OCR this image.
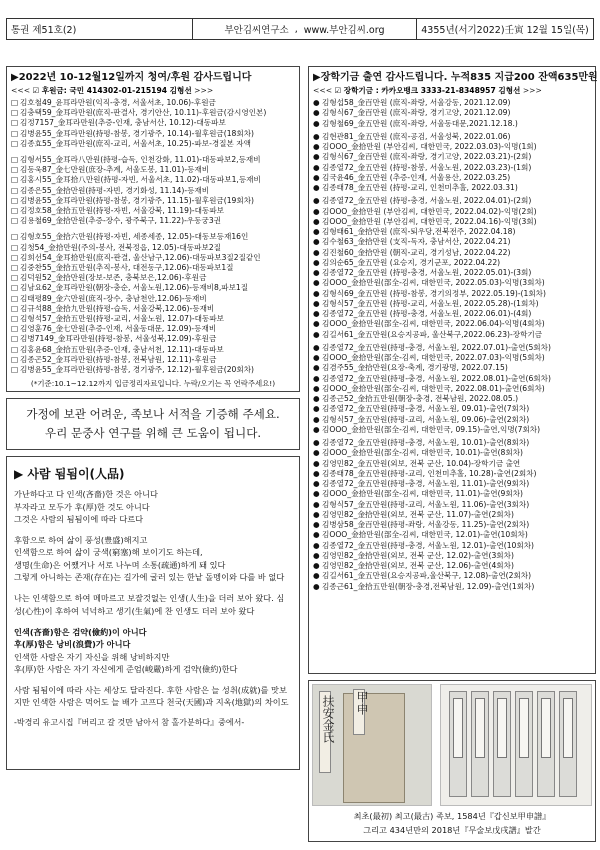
통권 제51호(2)	부안김씨연구소 , www.부안김씨.org	4355년(서기2022)壬寅 12월 15일(목)
▶2022년 10-12월12일까지 청여/후원 감사드립니다
<<< ☑ 후원금: 국민 414302-01-215194 김형선 >>>
□ 김호철49_윤耳라만원(익직-충경, 서울서초, 10.06)-후원금
□ 김충택59_金耳라만원(庶직-판결사, 경기안산, 10.11)-후원금(감시영인본)
□ 김정7157_金耳라만원(추증-인재, 충남서산, 10.12)-대동파보
□ 김병윤55_金耳라만원(持평-참봉, 경기광주, 10.14)-월후원금(18회차)
□ 김종효55_金耳라만원(庶직-교리, 서울서초, 10.25)-파보-경질본 자액
□ 김형서55_金耳라八만원(持평-습독, 인천강화, 11.01)-대동파보2,등재비
□ 김동욱87_金七만원(庶장-추계, 서울도봉, 11.01)-등재비
□ 김홍시55_金耳拾八만원(持평-자빈, 서울서초, 11.02)-대동파보1,등재비
□ 김종은55_金拾만원(持평-자빈, 경기화성, 11.14)-등재비
□ 김병윤55_金耳라만원(持평-참봉, 경기광주, 11.15)-월후원금(19회차)
□ 김정호58_金拾五만원(持평-자빈, 서울강북, 11.19)-대동파보
□ 김용철69_金拾만원(추증-장수, 광주북구, 11.22)-우동궁3권
□ 김형호55_金拾六만원(持평-자빈, 세종세종, 12.05)-대동보등재16인
□ 김청54_金拾만원(주의-봉사, 전북정읍, 12.05)-대동파보2질
□ 김희선54_金耳拾만원(庶직-판결, 울산남구,12.06)-대동파보3질2질같인
□ 김중찬55_金拾五만원(추직-봉사, 대전동구,12.06)-대동파보1질
□ 김덕원52_金拾만원(장보-보존, 충북보은,12.06)-후원금
□ 김남요62_金耳라만원(朝장-충순, 서울노원,12.06)-등재비8,파보1질
□ 김태평89_金六만원(庶직-장수, 충남천안,12.06)-등재비
□ 김규석88_金拾九만원(持평-습독, 서울강북,12.06)-등재비
□ 김형석57_金拾五만원(持평-교리, 서울노원, 12.07)-대동파보
□ 김영훈76_金七만원(추증-인재, 서울동대문, 12.09)-등재비
□ 김병7149_金耳라만원(持평-참봉, 서울성북,12.09)-후원금
□ 김홍윤68_金拾五만원(추증-인재, 충남서천, 12.11)-대동파보
□ 김종곤52_金耳라만원(持평-참봉, 전북남원, 12.11)-후원금
□ 김병윤55_金耳라만원(持평-참봉, 경기광주, 12.12)-월후원금(20회차)
(*기준:10.1~12.12까지 입금정리자료입니다. 누락/오기는 꼭 연락주세요!)
가정에 보관 어려운, 족보나 서적을 기증해 주세요.
우리 문중사 연구를 위해 큰 도움이 됩니다.
▶ 사람 됨됨이(人品)

가난하다고 다 인색(吝嗇)한 것은 아니다

부자라고 모두가 후(厚)한 것도 아니다

그것은 사람의 됨됨이에 따라 다르다

후함으로 하여 삶이 풍성(豊盛)해지고

인색함으로 하여 삶이 궁색(窮塞)해 보이기도 하는데,

생명(生命)은 어쨌거나 서로 나누며 소통(疏通)하게 돼 있다

그렇게 아니하는 존재(存在)는 길가에 굴러 있는 한낱 돌멩이와 다를 바 없다

나는 인색함으로 하여 메마르고 보잘것없는 인생(人生)을 더러 보아 왔다. 심성(心性)이 후하여 넉넉하고 생기(生氣)에 찬 인생도 더러 보아 왔다

인색(吝嗇)함은 검약(儉約)이 아니다

후(厚)함은 낭비(浪費)가 아니다

인색한 사람은 자기 자신을 위해 낭비하지만

후(厚)한 사람은 자기 자신에게 준엄(峻嚴)하게 검약(儉約)한다

사람 됨됨이에 따라 사는 세상도 달라진다. 후한 사람은 늘 성취(成就)를 맛보지만 인색한 사람은 먹어도 늘 배가 고프다 천국(天國)과 지옥(地獄)의 차이도

-박경리 유고시집『버리고 갈 것만 남아서 참 홀가분하다』중에서-

▶장학기금 출연 감사드립니다. 누적835 지급200 잔액635만원
<<< ☑ 장학기금 : 카카오뱅크 3333-21-8348957 김형선 >>>
● 김형섭58_金百만원 (庶직-좌랑, 서울강동, 2021.12.09)
● 김형식67_金百만원 (庶직-좌랑, 경기고양, 2021.12.09)
● 김형철69_金五만원 (庶직-좌랑, 서울동대문,2021.12.18.)
● 김현관81_金五만원 (庶직-공검, 서울성북, 2022.01.06)
● 김OOO_金拾만원 (부안김씨, 대한민국, 2022.03.03)-익명(1회)
● 김형식67_金百만원 (庶직-좌랑, 경기고양, 2022.03.21)-(2회)
● 김종열72_金五만원 (持평-참봉, 서울노원, 2022.03.23)-(1회)
● 김국윤46_金五만원 (추증-인재, 서울용산, 2022.03.25)
● 김종태78_金五만원 (持평-교리, 인천미추홀, 2022.03.31)
● 김종열72_金五만원 (持평-충경, 서울노원, 2022.04.01)-(2회)
● 김OOO_金拾만원 (부안김씨, 대한민국, 2022.04.02)-익명(2회)
● 김OOO_金拾만원 (부안김씨, 대한민국, 2022.04.16)-익명(3회)
● 김형태61_金拾만원 (庶직-퇴우당,전북전주, 2022.04.18)
● 김수철63_金拾만원 (支직-독자, 충남서산, 2022.04.21)
● 김진철60_金拾만원 (朝직-교리, 경기성남, 2022.04.22)
● 김의순65_金五만원 (요승지, 경기군포, 2022.04.22)
● 김종열72_金五만원 (持평-충경, 서울노원, 2022.05.01)-(3회)
● 김OOO_金拾만원(部全-김씨, 대한민국, 2022.05.03)-익명(3회차)
● 김형식69_金五만원 (持평-참봉, 경기의정부, 2022.05.19)-(1회차)
● 김형식57_金五만원 (持평-교리, 서울노원, 2022.05.28)-(1회차)
● 김종열72_金五만원 (持평-충경, 서울노원, 2022.06.01)-(4회)
● 김OOO_金拾만원(部全-김씨, 대한민국, 2022.06.04)-익명(4회차)
● 김길서61_金五만원(요승지공파, 울산북구,2022.06.23)-장학기금
● 김종열72_金五만원(持평-충경, 서울노원, 2022.07.01)-출연(5회차)
● 김OOO_金拾만원(部全-김씨, 대한민국, 2022.07.03)-익명(5회차)
● 김겸주55_金拾만원(요장-축계, 경기광명, 2022.07.15)
● 김종열72_金五만원(持평-충경, 서울노원, 2022.08.01)-출연(6회차)
● 김OOO_金拾만원(部全-김씨, 대한민국, 2022.08.01)-출연(6회차)
● 김종근52_金拾五만원(朝장-충경, 전북남원, 2022.08.05.)
● 김종열72_金五만원(持평-충경, 서울노원, 09.01)-출연(7회차)
● 김형식57_金五만원(持평-교리, 서울노원, 09.06)-출연(2회차)
● 김OOO_金拾만원(部全-김씨, 대한민국, 09.15)-출연,익명(7회차)
● 김종열72_金五만원(持평-충경, 서울노원, 10.01)-출연(8회차)
● 김OOO_金拾만원(部全-김씨, 대한민국, 10.01)-출연(8회차)
● 김영민82_金五만원(외보, 전북 군산, 10.04)-장학기금 출연
● 김종태78_金五만원(持평-교리, 인천미추홀, 10.28)-출연(2회차)
● 김종열72_金五만원(持평-충경, 서울노원, 11.01)-출연(9회차)
● 김OOO_金拾만원(部全-김씨, 대한민국, 11.01)-출연(9회차)
● 김형식57_金五만원(持평-교리, 서울노원, 11.06)-출연(3회차)
● 김영민82_金拾만원(외보, 전북 군산, 11.07)-출연(2회차)
● 김병삼58_金百만원(持평-좌랑, 서울강동, 11.25)-출연(2회차)
● 김OOO_金拾만원(部全-김씨, 대한민국, 12.01)-출연(10회차)
● 김종열72_金五만원(持평-충경, 서울노원, 12.01)-출연(10회차)
● 김영민82_金拾만원(외보, 전북 군산, 12.02)-출연(3회차)
● 김영민82_金拾만원(외보, 전북 군산, 12.06)-출연(4회차)
● 김길서61_金五만원(요승지공파,울산북구, 12.08)-출연(2회차)
● 김종근61_金拾五만원(朝장-충경,전북남원, 12.09)-출연(1회차)
扶安金氏 甲申
최초(最初) 최고(最古) 족보, 1584년『갑신보甲申譜』
그리고 434년만의 2018년『무술보戊戌譜』발간
